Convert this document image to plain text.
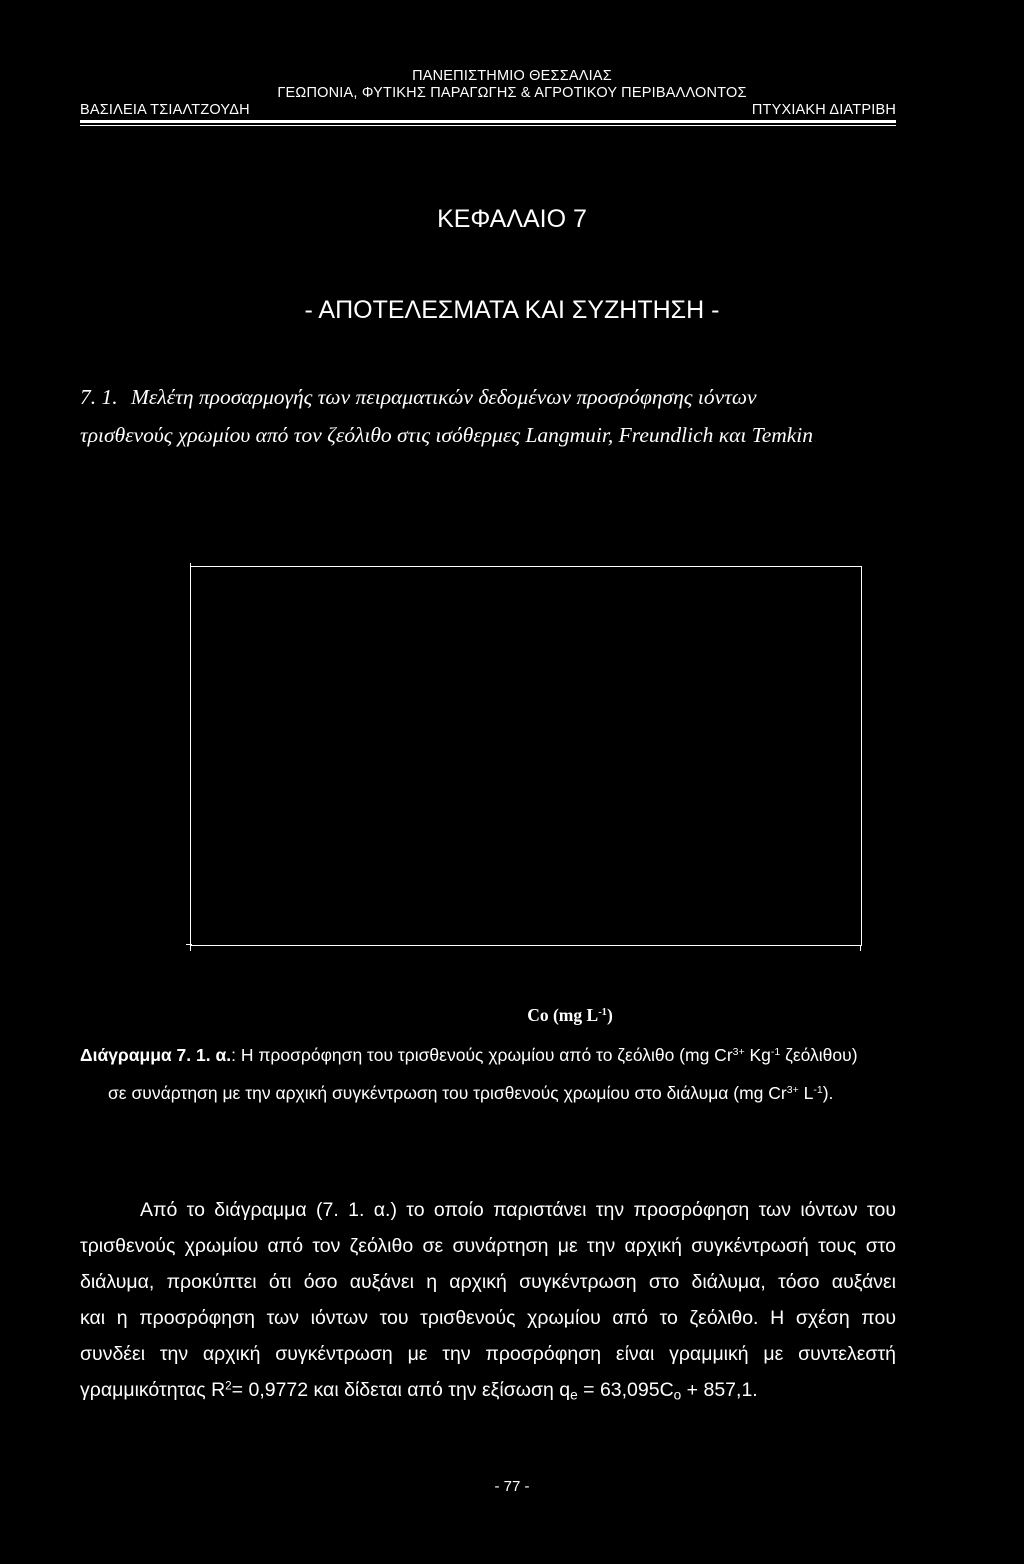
ΠΑΝΕΠΙΣΤΗΜΙΟ ΘΕΣΣΑΛΙΑΣ
ΓΕΩΠΟΝΙΑ, ΦΥΤΙΚΗΣ ΠΑΡΑΓΩΓΗΣ & ΑΓΡΟΤΙΚΟΥ ΠΕΡΙΒΑΛΛΟΝΤΟΣ
ΒΑΣΙΛΕΙΑ ΤΣΙΑΛΤΖΟΥΔΗ	ΠΤΥΧΙΑΚΗ ΔΙΑΤΡΙΒΗ
ΚΕΦΑΛΑΙΟ 7
- ΑΠΟΤΕΛΕΣΜΑΤΑ ΚΑΙ ΣΥΖΗΤΗΣΗ -

7. 1. Μελέτη προσαρμογής των πειραματικών δεδομένων προσρόφησης ιόντων

τρισθενούς χρωμίου από τον ζεόλιθο στις ισόθερμες Langmuir, Freundlich και Temkin

Co (mg $L^{-1}$)

Διάγραμμα 7. 1. α.: Η προσρόφηση του τρισθενούς χρωμίου από το ζεόλιθο (mg $Cr^{3+}$ $Kg^{-1}$ ζεόλιθου)

σε συνάρτηση με την αρχική συγκέντρωση του τρισθενούς χρωμίου στο διάλυμα (mg $Cr^{3+}$ $L^{-1}$).

Από το διάγραμμα (7. 1. α.) το οποίο παριστάνει την προσρόφηση των ιόντων του

τρισθενούς χρωμίου από τον ζεόλιθο σε συνάρτηση με την αρχική συγκέντρωσή τους στο

διάλυμα, προκύπτει ότι όσο αυξάνει η αρχική συγκέντρωση στο διάλυμα, τόσο αυξάνει

και η προσρόφηση των ιόντων του τρισθενούς χρωμίου από το ζεόλιθο. Η σχέση που

συνδέει την αρχική συγκέντρωση με την προσρόφηση είναι γραμμική με συντελεστή

γραμμικότητας $R^2= 0,9772$ και δίδεται από την εξίσωση $q_e = 63,095C_o + 857,1$.

- 77 -
